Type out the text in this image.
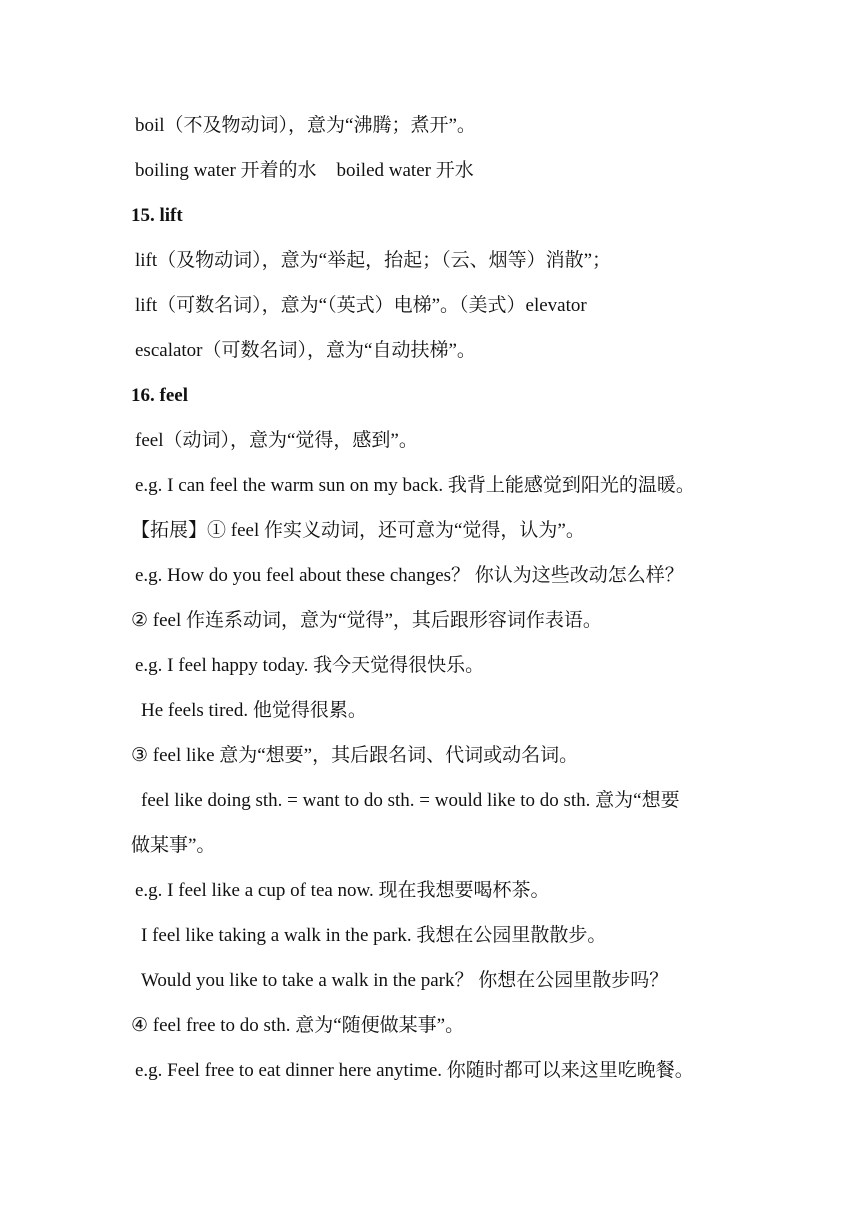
boil（不及物动词），意为“沸腾；煮开”。
boiling water 开着的水 boiled water 开水
15. lift
lift（及物动词），意为“举起，抬起；（云、烟等）消散”；
lift（可数名词），意为“（英式）电梯”。（美式）elevator
escalator（可数名词），意为“自动扶梯”。
16. feel
feel（动词），意为“觉得，感到”。
e.g. I can feel the warm sun on my back. 我背上能感觉到阳光的温暖。
【拓展】① feel 作实义动词，还可意为“觉得，认为”。
e.g. How do you feel about these changes？ 你认为这些改动怎么样？
② feel 作连系动词，意为“觉得”，其后跟形容词作表语。
e.g. I feel happy today. 我今天觉得很快乐。
He feels tired. 他觉得很累。
③ feel like 意为“想要”，其后跟名词、代词或动名词。
feel like doing sth. = want to do sth. = would like to do sth. 意为“想要
做某事”。
e.g. I feel like a cup of tea now. 现在我想要喝杯茶。
I feel like taking a walk in the park. 我想在公园里散散步。
Would you like to take a walk in the park？ 你想在公园里散步吗？
④ feel free to do sth. 意为“随便做某事”。
e.g. Feel free to eat dinner here anytime. 你随时都可以来这里吃晚餐。
